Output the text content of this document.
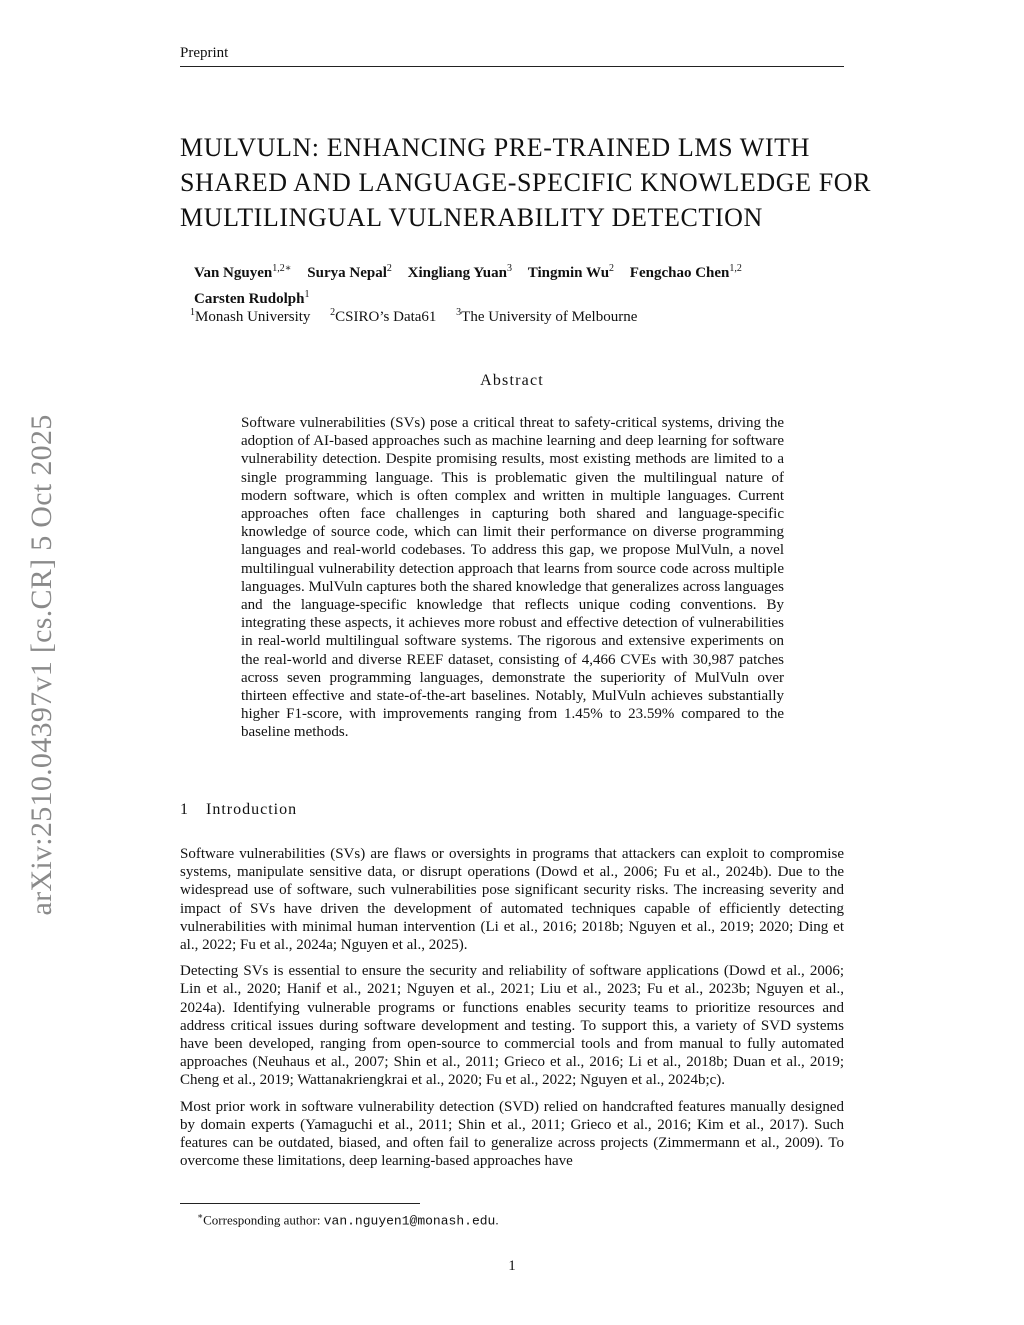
Preprint
MULVULN: ENHANCING PRE-TRAINED LMS WITH
SHARED AND LANGUAGE-SPECIFIC KNOWLEDGE FOR
MULTILINGUAL VULNERABILITY DETECTION
Van Nguyen$^{1,2∗}$ Surya Nepal$^2$ Xingliang Yuan$^3$ Tingmin Wu$^2$ Fengchao Chen$^{1,2}$
Carsten Rudolph$^1$
$^1$Monash University $^2$CSIRO’s Data61 $^3$The University of Melbourne
Abstract
Software vulnerabilities (SVs) pose a critical threat to safety-critical systems, driving the adoption of AI-based approaches such as machine learning and deep learning for software vulnerability detection. Despite promising results, most existing methods are limited to a single programming language. This is problematic given the multilingual nature of modern software, which is often complex and written in multiple languages. Current approaches often face challenges in capturing both shared and language-specific knowledge of source code, which can limit their performance on diverse programming languages and real-world codebases. To address this gap, we propose MulVuln, a novel multilingual vulnerability detection approach that learns from source code across multiple languages. MulVuln captures both the shared knowledge that generalizes across languages and the language-specific knowledge that reflects unique coding conventions. By integrating these aspects, it achieves more robust and effective detection of vulnerabilities in real-world multilingual software systems. The rigorous and extensive experiments on the real-world and diverse REEF dataset, consisting of 4,466 CVEs with 30,987 patches across seven programming languages, demonstrate the superiority of MulVuln over thirteen effective and state-of-the-art baselines. Notably, MulVuln achieves substantially higher F1-score, with improvements ranging from 1.45% to 23.59% compared to the baseline methods.
1 Introduction

Software vulnerabilities (SVs) are flaws or oversights in programs that attackers can exploit to compromise systems, manipulate sensitive data, or disrupt operations (Dowd et al., 2006; Fu et al., 2024b). Due to the widespread use of software, such vulnerabilities pose significant security risks. The increasing severity and impact of SVs have driven the development of automated techniques capable of efficiently detecting vulnerabilities with minimal human intervention (Li et al., 2016; 2018b; Nguyen et al., 2019; 2020; Ding et al., 2022; Fu et al., 2024a; Nguyen et al., 2025).

Detecting SVs is essential to ensure the security and reliability of software applications (Dowd et al., 2006; Lin et al., 2020; Hanif et al., 2021; Nguyen et al., 2021; Liu et al., 2023; Fu et al., 2023b; Nguyen et al., 2024a). Identifying vulnerable programs or functions enables security teams to prioritize resources and address critical issues during software development and testing. To support this, a variety of SVD systems have been developed, ranging from open-source to commercial tools and from manual to fully automated approaches (Neuhaus et al., 2007; Shin et al., 2011; Grieco et al., 2016; Li et al., 2018b; Duan et al., 2019; Cheng et al., 2019; Wattanakriengkrai et al., 2020; Fu et al., 2022; Nguyen et al., 2024b;c).

Most prior work in software vulnerability detection (SVD) relied on handcrafted features manually designed by domain experts (Yamaguchi et al., 2011; Shin et al., 2011; Grieco et al., 2016; Kim et al., 2017). Such features can be outdated, biased, and often fail to generalize across projects (Zimmermann et al., 2009). To overcome these limitations, deep learning-based approaches have

∗Corresponding author: van.nguyen1@monash.edu.
1
arXiv:2510.04397v1 [cs.CR] 5 Oct 2025
